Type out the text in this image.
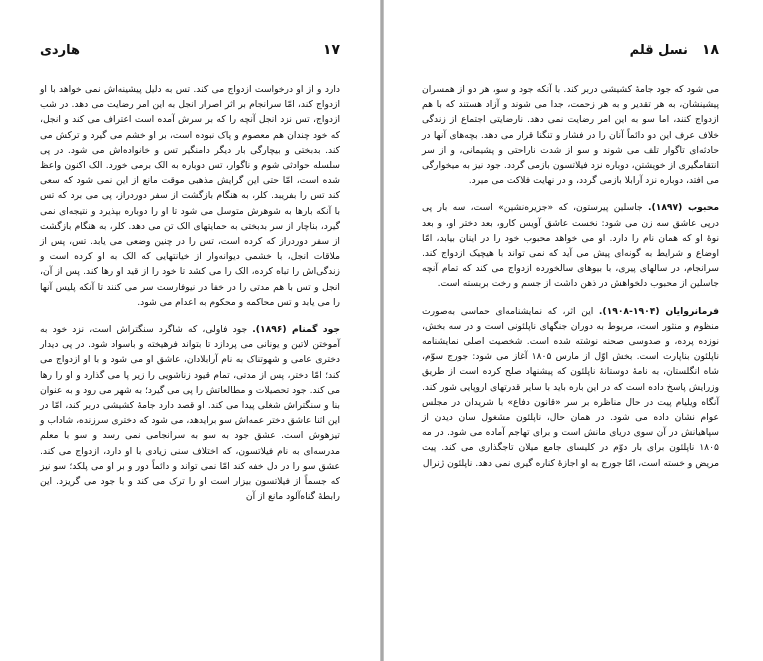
۱۷
هاردی

دارد و از او درخواست ازدواج می کند. تس به دلیل پیشینه‌اش نمی خواهد با او ازدواج کند، امّا سرانجام بر اثر اصرار انجل به این امر رضایت می دهد. در شب ازدواج، تس نزد انجل آنچه را که بر سرش آمده است اعتراف می کند و انجل، که خود چندان هم معصوم و پاک نبوده است، بر او خشم می گیرد و ترکش می کند. بدبختی و بیچارگی بار دیگر دامنگیر تس و خانواده‌اش می شود. در پی سلسله حوادثی شوم و ناگوار، تس دوباره به الک برمی خورد. الک اکنون واعظ شده است، امّا حتی این گرایش مذهبی موقت مانع از این نمی شود که سعی کند تس را بفریبد. کلر، به هنگام بازگشت از سفر دوردراز، پی می برد که تس با آنکه بارها به شوهرش متوسل می شود تا او را دوباره بپذیرد و نتیجه‌ای نمی گیرد، بناچار از سر بدبختی به حمایتهای الک تن می دهد. کلر، به هنگام بازگشت از سفر دوردراز که کرده است، تس را در چنین وضعی می یابد. تس، پس از ملاقات انجل، با خشمی دیوانه‌وار از خیانتهایی که الک به او کرده است و زندگی‌اش را تباه کرده، الک را می کشد تا خود را از قید او رها کند. پس از آن، انجل و تس با هم مدتی را در خفا در نیوفارست سر می کنند تا آنکه پلیس آنها را می یابد و تس محاکمه و محکوم به اعدام می شود.

جود گمنام (۱۸۹۶). جود فاولی، که شاگرد سنگتراش است، نزد خود به آموختن لاتین و یونانی می پردازد تا بتواند فرهیخته و باسواد شود. در پی دیدار دختری عامی و شهوتناک به نام آرابلادان، عاشق او می شود و با او ازدواج می کند؛ امّا دختر، پس از مدتی، تمام قیود زناشویی را زیر پا می گذارد و او را رها می کند. جود تحصیلات و مطالعاتش را پی می گیرد؛ به شهر می رود و به عنوان بنا و سنگتراش شغلی پیدا می کند. او قصد دارد جامهٔ کشیشی دربر کند، امّا در این اثنا عاشق دختر عمه‌اش سو برایدهد، می شود که دختری سرزنده، شاداب و تیزهوش است. عشق جود به سو به سرانجامی نمی رسد و سو با معلم مدرسه‌ای به نام فیلاتسون، که اختلاف سنی زیادی با او دارد، ازدواج می کند. عشق سو را در دل خفه کند امّا نمی تواند و دائماً دور و بر او می پلکد؛ سو نیز که جسماً از فیلاتسون بیزار است او را ترک می کند و با جود می گریزد. این رابطهٔ گناه‌آلود مانع از آن

۱۸
نسل قلم

می شود که جود جامهٔ کشیشی دربر کند. با آنکه جود و سو، هر دو از همسران پیشینشان، به هر تقدیر و به هر زحمت، جدا می شوند و آزاد هستند که با هم ازدواج کنند، اما سو به این امر رضایت نمی دهد. نارضایتی اجتماع از زندگی خلاف عرف این دو دائماً آنان را در فشار و تنگنا قرار می دهد. بچه‌های آنها در حادثه‌ای تاگوار تلف می شوند و سو از شدت ناراحتی و پشیمانی، و از سر انتقامگیری از خویشتن، دوباره نزد فیلاتسون بازمی گردد. جود نیز به میخوارگی می افتد، دوباره نزد آرابلا بازمی گردد، و در نهایت فلاکت می میرد.

محبوب (۱۸۹۷). جاسلین پیرستون، که «جزیره‌نشین» است، سه بار پی درپی عاشق سه زن می شود: نخست عاشق آویس کارو، بعد دختر او، و بعد نوهٔ او که همان نام را دارد. او می خواهد محبوب خود را در اینان بیابد، امّا اوضاع و شرایط به گونه‌ای پیش می آید که نمی تواند با هیچیک ازدواج کند. سرانجام، در سالهای پیری، با بیوهای سالخورده ازدواج می کند که تمام آنچه جاسلین از محبوب دلخواهش در ذهن داشت از جسم و رخت بربسته است.

فرمانروایان (۱۹۰۴-۱۹۰۸). این اثر، که نمایشنامه‌ای حماسی به‌صورت منظوم و منثور است، مربوط به دوران جنگهای ناپلئونی است و در سه بخش، نوزده پرده، و صدوسی صحنه نوشته شده است. شخصیت اصلی نمایشنامه ناپلئون بناپارت است. بخش اوّل از مارس ۱۸۰۵ آغاز می شود: جورج سوّم، شاه انگلستان، به نامهٔ دوستانهٔ ناپلئون که پیشنهاد صلح کرده است از طریق وزرایش پاسخ داده است که در این باره باید با سایر قدرتهای اروپایی شور کند. آنگاه ویلیام پیت در حال مناظره بر سر «قانون دفاع» با شریدان در مجلس عوام نشان داده می شود. در همان حال، ناپلئون مشغول سان دیدن از سپاهیانش در آن سوی دریای مانش است و برای تهاجم آماده می شود. در مه ۱۸۰۵ ناپلئون برای بار دوّم در کلیسای جامع میلان تاجگذاری می کند. پیت مریض و خسته است، امّا جورج به او اجازهٔ کناره گیری نمی دهد. ناپلئون ژنرال
